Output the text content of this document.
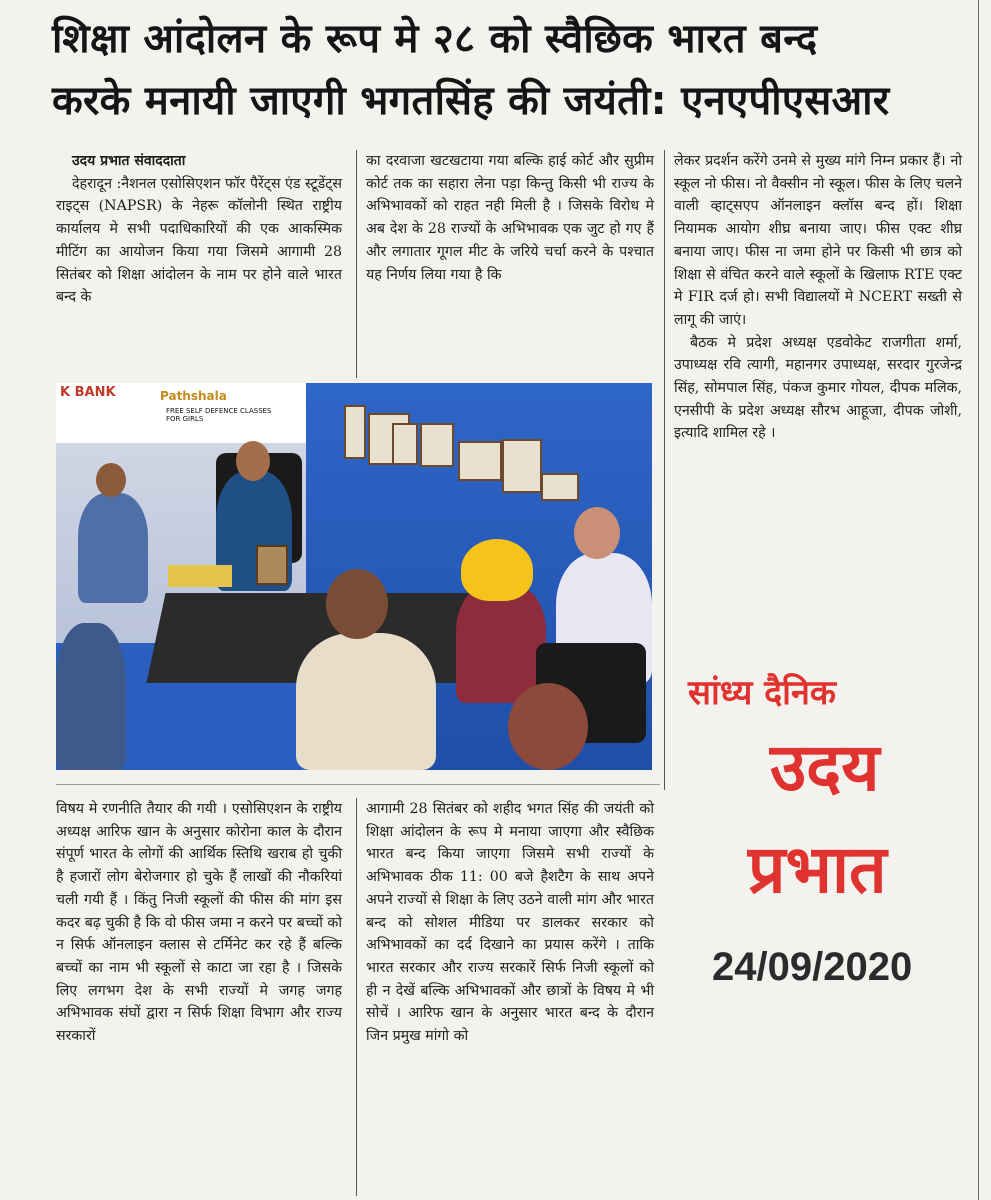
शिक्षा आंदोलन के रूप मे २८ को स्वैछिक भारत बन्द
करके मनायी जाएगी भगतसिंह की जयंती: एनएपीएसआर
उदय प्रभात संवाददाता

देहरादून :नैशनल एसोसिएशन फॉर पैरेंट्स एंड स्टूडेंट्स राइट्स (NAPSR) के नेहरू कॉलोनी स्थित राष्ट्रीय कार्यालय मे सभी पदाधिकारियों की एक आकस्मिक मीटिंग का आयोजन किया गया जिसमे आगामी 28 सितंबर को शिक्षा आंदोलन के नाम पर होने वाले भारत बन्द के

का दरवाजा खटखटाया गया बल्कि हाई कोर्ट और सुप्रीम कोर्ट तक का सहारा लेना पड़ा किन्तु किसी भी राज्य के अभिभावकों को राहत नही मिली है । जिसके विरोध मे अब देश के 28 राज्यों के अभिभावक एक जुट हो गए हैं और लगातार गूगल मीट के जरिये चर्चा करने के पश्चात यह निर्णय लिया गया है कि

लेकर प्रदर्शन करेंगे उनमे से मुख्य मांगे निम्न प्रकार हैं। नो स्कूल नो फीस। नो वैक्सीन नो स्कूल। फीस के लिए चलने वाली व्हाट्सएप ऑनलाइन क्लॉस बन्द हों। शिक्षा नियामक आयोग शीघ्र बनाया जाए। फीस एक्ट शीघ्र बनाया जाए। फीस ना जमा होने पर किसी भी छात्र को शिक्षा से वंचित करने वाले स्कूलों के खिलाफ RTE एक्ट मे FIR दर्ज हो। सभी विद्यालयों मे NCERT सख्ती से लागू की जाएं।

बैठक मे प्रदेश अध्यक्ष एडवोकेट राजगीता शर्मा, उपाध्यक्ष रवि त्यागी, महानगर उपाध्यक्ष, सरदार गुरजेन्द्र सिंह, सोमपाल सिंह, पंकज कुमार गोयल, दीपक मलिक, एनसीपी के प्रदेश अध्यक्ष सौरभ आहूजा, दीपक जोशी, इत्यादि शामिल रहे ।

K BANK	Pathshala
FREE SELF DEFENCE CLASSES FOR GIRLS

विषय मे रणनीति तैयार की गयी । एसोसिएशन के राष्ट्रीय अध्यक्ष आरिफ खान के अनुसार कोरोना काल के दौरान संपूर्ण भारत के लोगों की आर्थिक स्तिथि खराब हो चुकी है हजारों लोग बेरोजगार हो चुके हैं लाखों की नौकरियां चली गयी हैं । किंतु निजी स्कूलों की फीस की मांग इस कदर बढ़ चुकी है कि वो फीस जमा न करने पर बच्चों को न सिर्फ ऑनलाइन क्लास से टर्मिनेट कर रहे हैं बल्कि बच्चों का नाम भी स्कूलों से काटा जा रहा है । जिसके लिए लगभग देश के सभी राज्यों मे जगह जगह अभिभावक संघों द्वारा न सिर्फ शिक्षा विभाग और राज्य सरकारों

आगामी 28 सितंबर को शहीद भगत सिंह की जयंती को शिक्षा आंदोलन के रूप मे मनाया जाएगा और स्वैछिक भारत बन्द किया जाएगा जिसमे सभी राज्यों के अभिभावक ठीक 11: 00 बजे हैशटैग के साथ अपने अपने राज्यों से शिक्षा के लिए उठने वाली मांग और भारत बन्द को सोशल मीडिया पर डालकर सरकार को अभिभावकों का दर्द दिखाने का प्रयास करेंगे । ताकि भारत सरकार और राज्य सरकारें सिर्फ निजी स्कूलों को ही न देखें बल्कि अभिभावकों और छात्रों के विषय मे भी सोचें । आरिफ खान के अनुसार भारत बन्द के दौरान जिन प्रमुख मांगो को

सांध्य दैनिक

उदय

प्रभात

24/09/2020
